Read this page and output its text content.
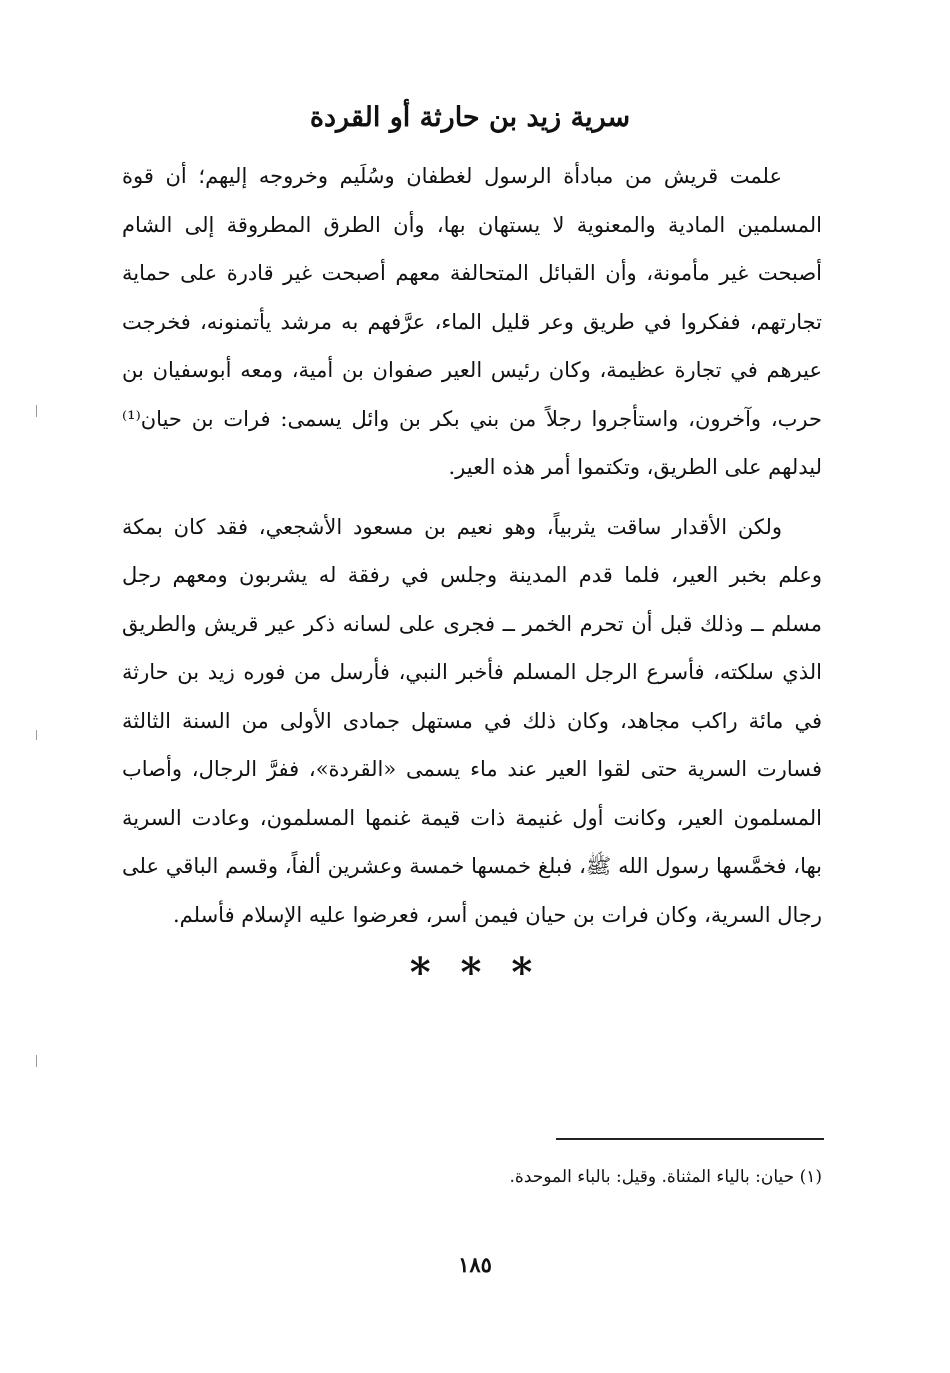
سرية زيد بن حارثة أو القردة

علمت قريش من مبادأة الرسول لغطفان وسُلَيم وخروجه إليهم؛ أن قوة المسلمين المادية والمعنوية لا يستهان بها، وأن الطرق المطروقة إلى الشام أصبحت غير مأمونة، وأن القبائل المتحالفة معهم أصبحت غير قادرة على حماية تجارتهم، ففكروا في طريق وعر قليل الماء، عرَّفهم به مرشد يأتمنونه، فخرجت عيرهم في تجارة عظيمة، وكان رئيس العير صفوان بن أمية، ومعه أبوسفيان بن حرب، وآخرون، واستأجروا رجلاً من بني بكر بن وائل يسمى: فرات بن حيان⁽¹⁾ ليدلهم على الطريق، وتكتموا أمر هذه العير.

ولكن الأقدار ساقت يثربياً، وهو نعيم بن مسعود الأشجعي، فقد كان بمكة وعلم بخبر العير، فلما قدم المدينة وجلس في رفقة له يشربون ومعهم رجل مسلم ــ وذلك قبل أن تحرم الخمر ــ فجرى على لسانه ذكر عير قريش والطريق الذي سلكته، فأسرع الرجل المسلم فأخبر النبي، فأرسل من فوره زيد بن حارثة في مائة راكب مجاهد، وكان ذلك في مستهل جمادى الأولى من السنة الثالثة فسارت السرية حتى لقوا العير عند ماء يسمى «القردة»، ففرَّ الرجال، وأصاب المسلمون العير، وكانت أول غنيمة ذات قيمة غنمها المسلمون، وعادت السرية بها، فخمَّسها رسول الله ﷺ، فبلغ خمسها خمسة وعشرين ألفاً، وقسم الباقي على رجال السرية، وكان فرات بن حيان فيمن أسر، فعرضوا عليه الإسلام فأسلم.

* * *
(١) حيان: بالياء المثناة. وقيل: بالباء الموحدة.
١٨٥
